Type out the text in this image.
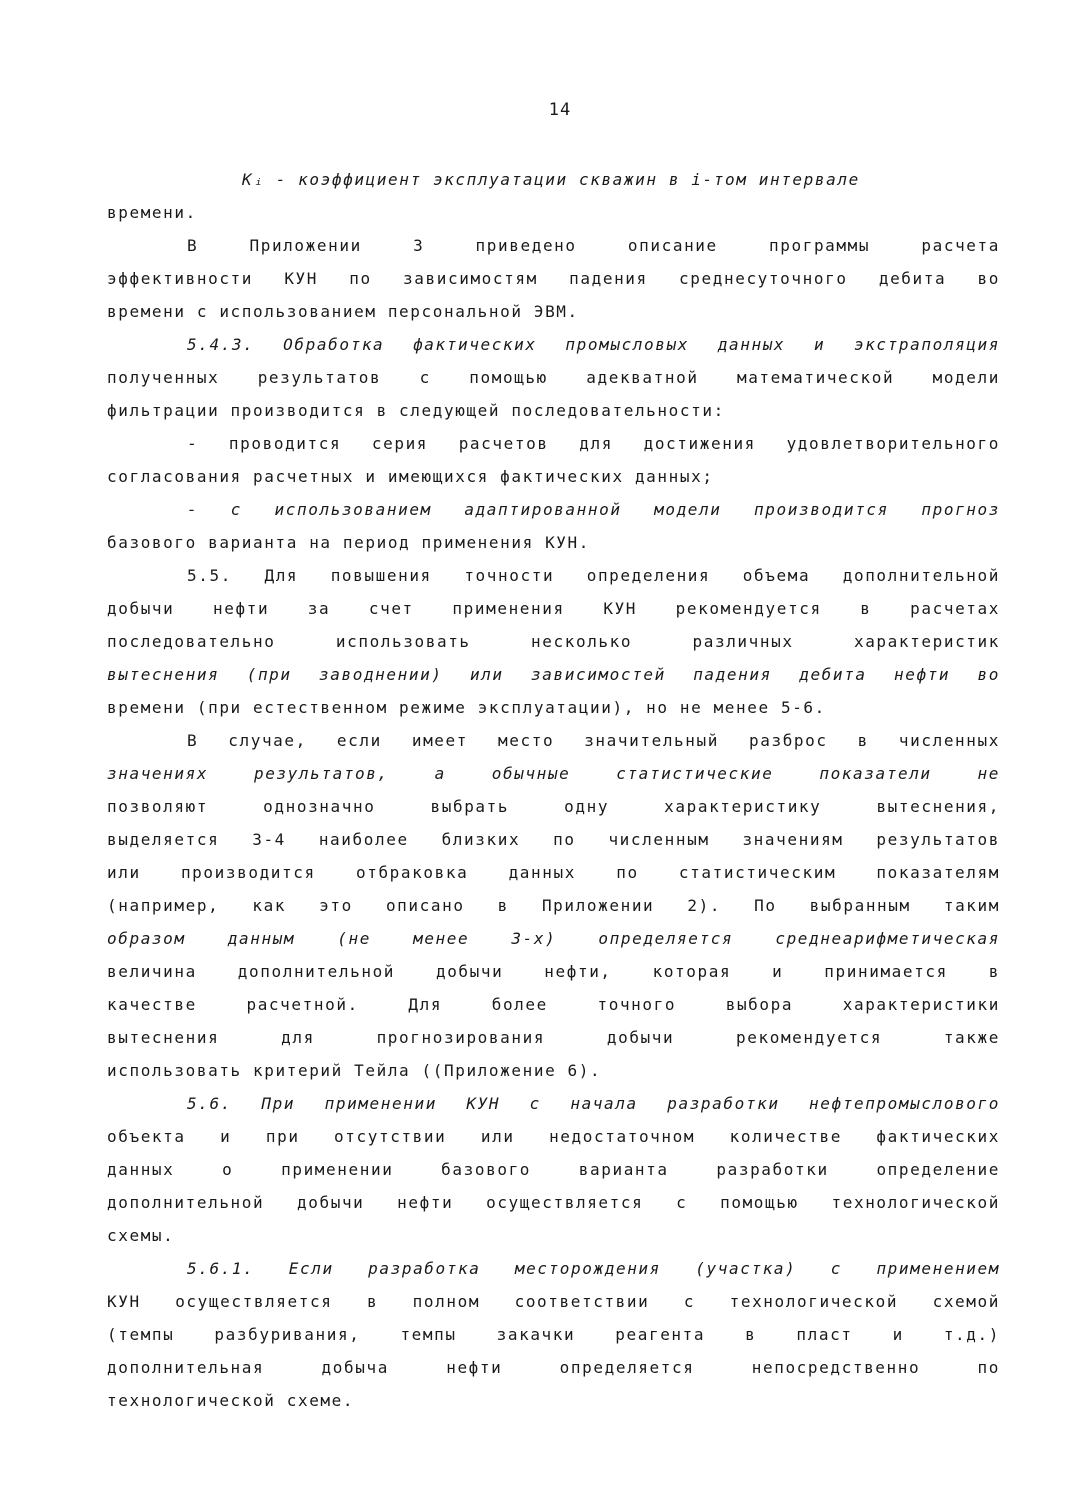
14
Kᵢ - коэффициент эксплуатации скважин в i-том интервале
времени.
В Приложении 3 приведено описание программы расчета
эффективности КУН по зависимостям падения среднесуточного дебита во
времени с использованием персональной ЭВМ.
5.4.3. Обработка фактических промысловых данных и экстраполяция
полученных результатов с помощью адекватной математической модели
фильтрации производится в следующей последовательности:
- проводится серия расчетов для достижения удовлетворительного
согласования расчетных и имеющихся фактических данных;
- с использованием адаптированной модели производится прогноз
базового варианта на период применения КУН.
5.5. Для повышения точности определения объема дополнительной
добычи нефти за счет применения КУН рекомендуется в расчетах
последовательно использовать несколько различных характеристик
вытеснения (при заводнении) или зависимостей падения дебита нефти во
времени (при естественном режиме эксплуатации), но не менее 5-6.
В случае, если имеет место значительный разброс в численных
значениях результатов, а обычные статистические показатели не
позволяют однозначно выбрать одну характеристику вытеснения,
выделяется 3-4 наиболее близких по численным значениям результатов
или производится отбраковка данных по статистическим показателям
(например, как это описано в Приложении 2). По выбранным таким
образом данным (не менее 3-х) определяется среднеарифметическая
величина дополнительной добычи нефти, которая и принимается в
качестве расчетной. Для более точного выбора характеристики
вытеснения для прогнозирования добычи рекомендуется также
использовать критерий Тейла ((Приложение 6).
5.6. При применении КУН с начала разработки нефтепромыслового
объекта и при отсутствии или недостаточном количестве фактических
данных о применении базового варианта разработки определение
дополнительной добычи нефти осуществляется с помощью технологической
схемы.
5.6.1. Если разработка месторождения (участка) с применением
КУН осуществляется в полном соответствии с технологической схемой
(темпы разбуривания, темпы закачки реагента в пласт и т.д.)
дополнительная добыча нефти определяется непосредственно по
технологической схеме.
